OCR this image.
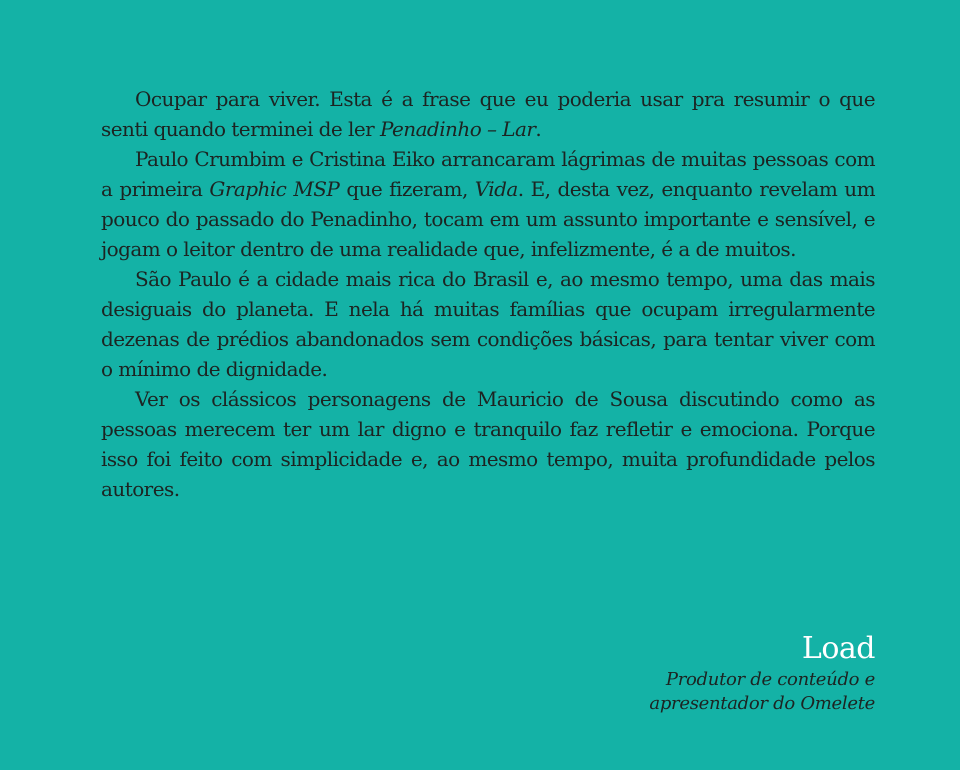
Ocupar para viver. Esta é a frase que eu poderia usar pra resumir o que senti quando terminei de ler Penadinho – Lar.

Paulo Crumbim e Cristina Eiko arrancaram lágrimas de muitas pessoas com a primeira Graphic MSP que fizeram, Vida. E, desta vez, enquanto revelam um pouco do passado do Penadinho, tocam em um assunto importante e sensível, e jogam o leitor dentro de uma realidade que, infelizmente, é a de muitos.

São Paulo é a cidade mais rica do Brasil e, ao mesmo tempo, uma das mais desiguais do planeta. E nela há muitas famílias que ocupam irregularmente dezenas de prédios abandonados sem condições básicas, para tentar viver com o mínimo de dignidade.

Ver os clássicos personagens de Mauricio de Sousa discutindo como as pessoas merecem ter um lar digno e tranquilo faz refletir e emociona. Porque isso foi feito com simplicidade e, ao mesmo tempo, muita profundidade pelos autores.

Load
Produtor de conteúdo e
apresentador do Omelete
